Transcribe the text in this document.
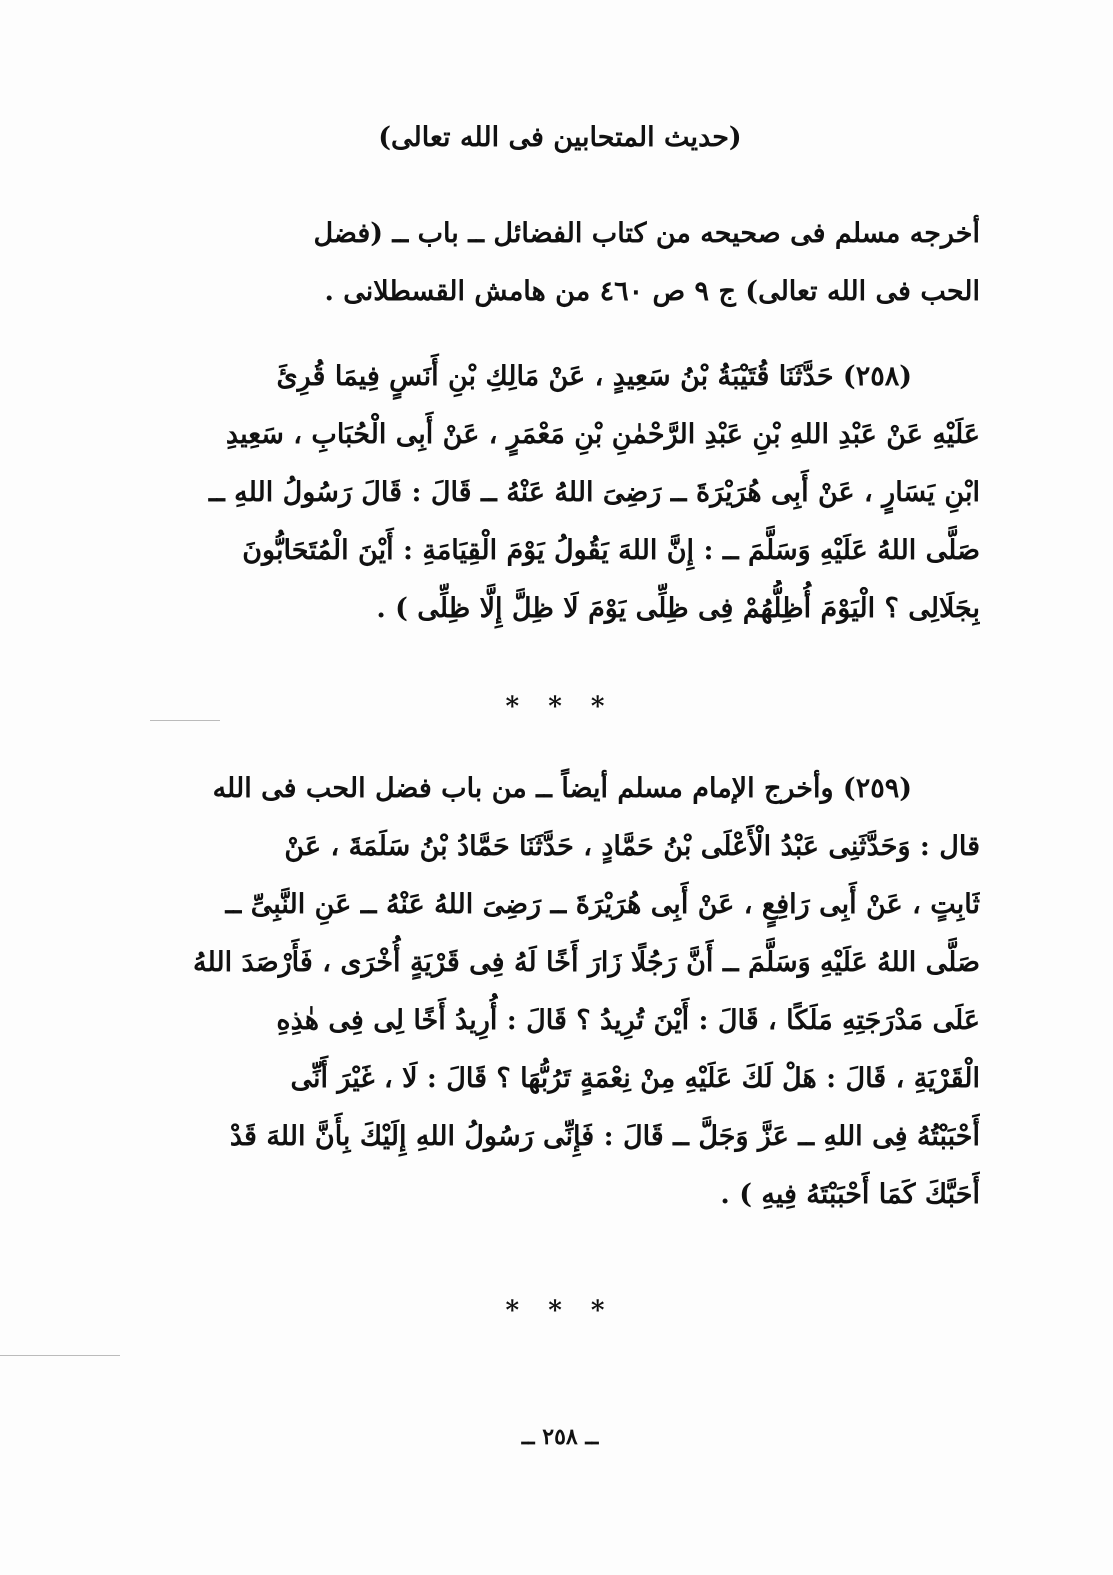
(حديث المتحابين فى الله تعالى)
أخرجه مسلم فى صحيحه من كتاب الفضائل ــ باب ــ (فضل
الحب فى الله تعالى) ج ٩ ص ٤٦٠ من هامش القسطلانى .
(٢٥٨) حَدَّثَنَا قُتَيْبَةُ بْنُ سَعِيدٍ ، عَنْ مَالِكِ بْنِ أَنَسٍ فِيمَا قُرِئَ
عَلَيْهِ عَنْ عَبْدِ اللهِ بْنِ عَبْدِ الرَّحْمٰنِ بْنِ مَعْمَرٍ ، عَنْ أَبِى الْحُبَابِ ، سَعِيدِ
ابْنِ يَسَارٍ ، عَنْ أَبِى هُرَيْرَةَ ــ رَضِىَ اللهُ عَنْهُ ــ قَالَ : قَالَ رَسُولُ اللهِ ــ
صَلَّى اللهُ عَلَيْهِ وَسَلَّمَ ــ : إِنَّ اللهَ يَقُولُ يَوْمَ الْقِيَامَةِ : أَيْنَ الْمُتَحَابُّونَ
بِجَلَالِى ؟ الْيَوْمَ أُظِلُّهُمْ فِى ظِلِّى يَوْمَ لَا ظِلَّ إِلَّا ظِلِّى ) .
* * *
(٢٥٩) وأخرج الإمام مسلم أيضاً ــ من باب فضل الحب فى الله
قال : وَحَدَّثَنِى عَبْدُ الْأَعْلَى بْنُ حَمَّادٍ ، حَدَّثَنَا حَمَّادُ بْنُ سَلَمَةَ ، عَنْ
ثَابِتٍ ، عَنْ أَبِى رَافِعٍ ، عَنْ أَبِى هُرَيْرَةَ ــ رَضِىَ اللهُ عَنْهُ ــ عَنِ النَّبِىِّ ــ
صَلَّى اللهُ عَلَيْهِ وَسَلَّمَ ــ أَنَّ رَجُلًا زَارَ أَخًا لَهُ فِى قَرْيَةٍ أُخْرَى ، فَأَرْصَدَ اللهُ
عَلَى مَدْرَجَتِهِ مَلَكًا ، قَالَ : أَيْنَ تُرِيدُ ؟ قَالَ : أُرِيدُ أَخًا لِى فِى هٰذِهِ
الْقَرْيَةِ ، قَالَ : هَلْ لَكَ عَلَيْهِ مِنْ نِعْمَةٍ تَرُبُّهَا ؟ قَالَ : لَا ، غَيْرَ أَنِّى
أَحْبَبْتُهُ فِى اللهِ ــ عَزَّ وَجَلَّ ــ قَالَ : فَإِنِّى رَسُولُ اللهِ إِلَيْكَ بِأَنَّ اللهَ قَدْ
أَحَبَّكَ كَمَا أَحْبَبْتَهُ فِيهِ ) .
* * *
ــ ٢٥٨ ــ
